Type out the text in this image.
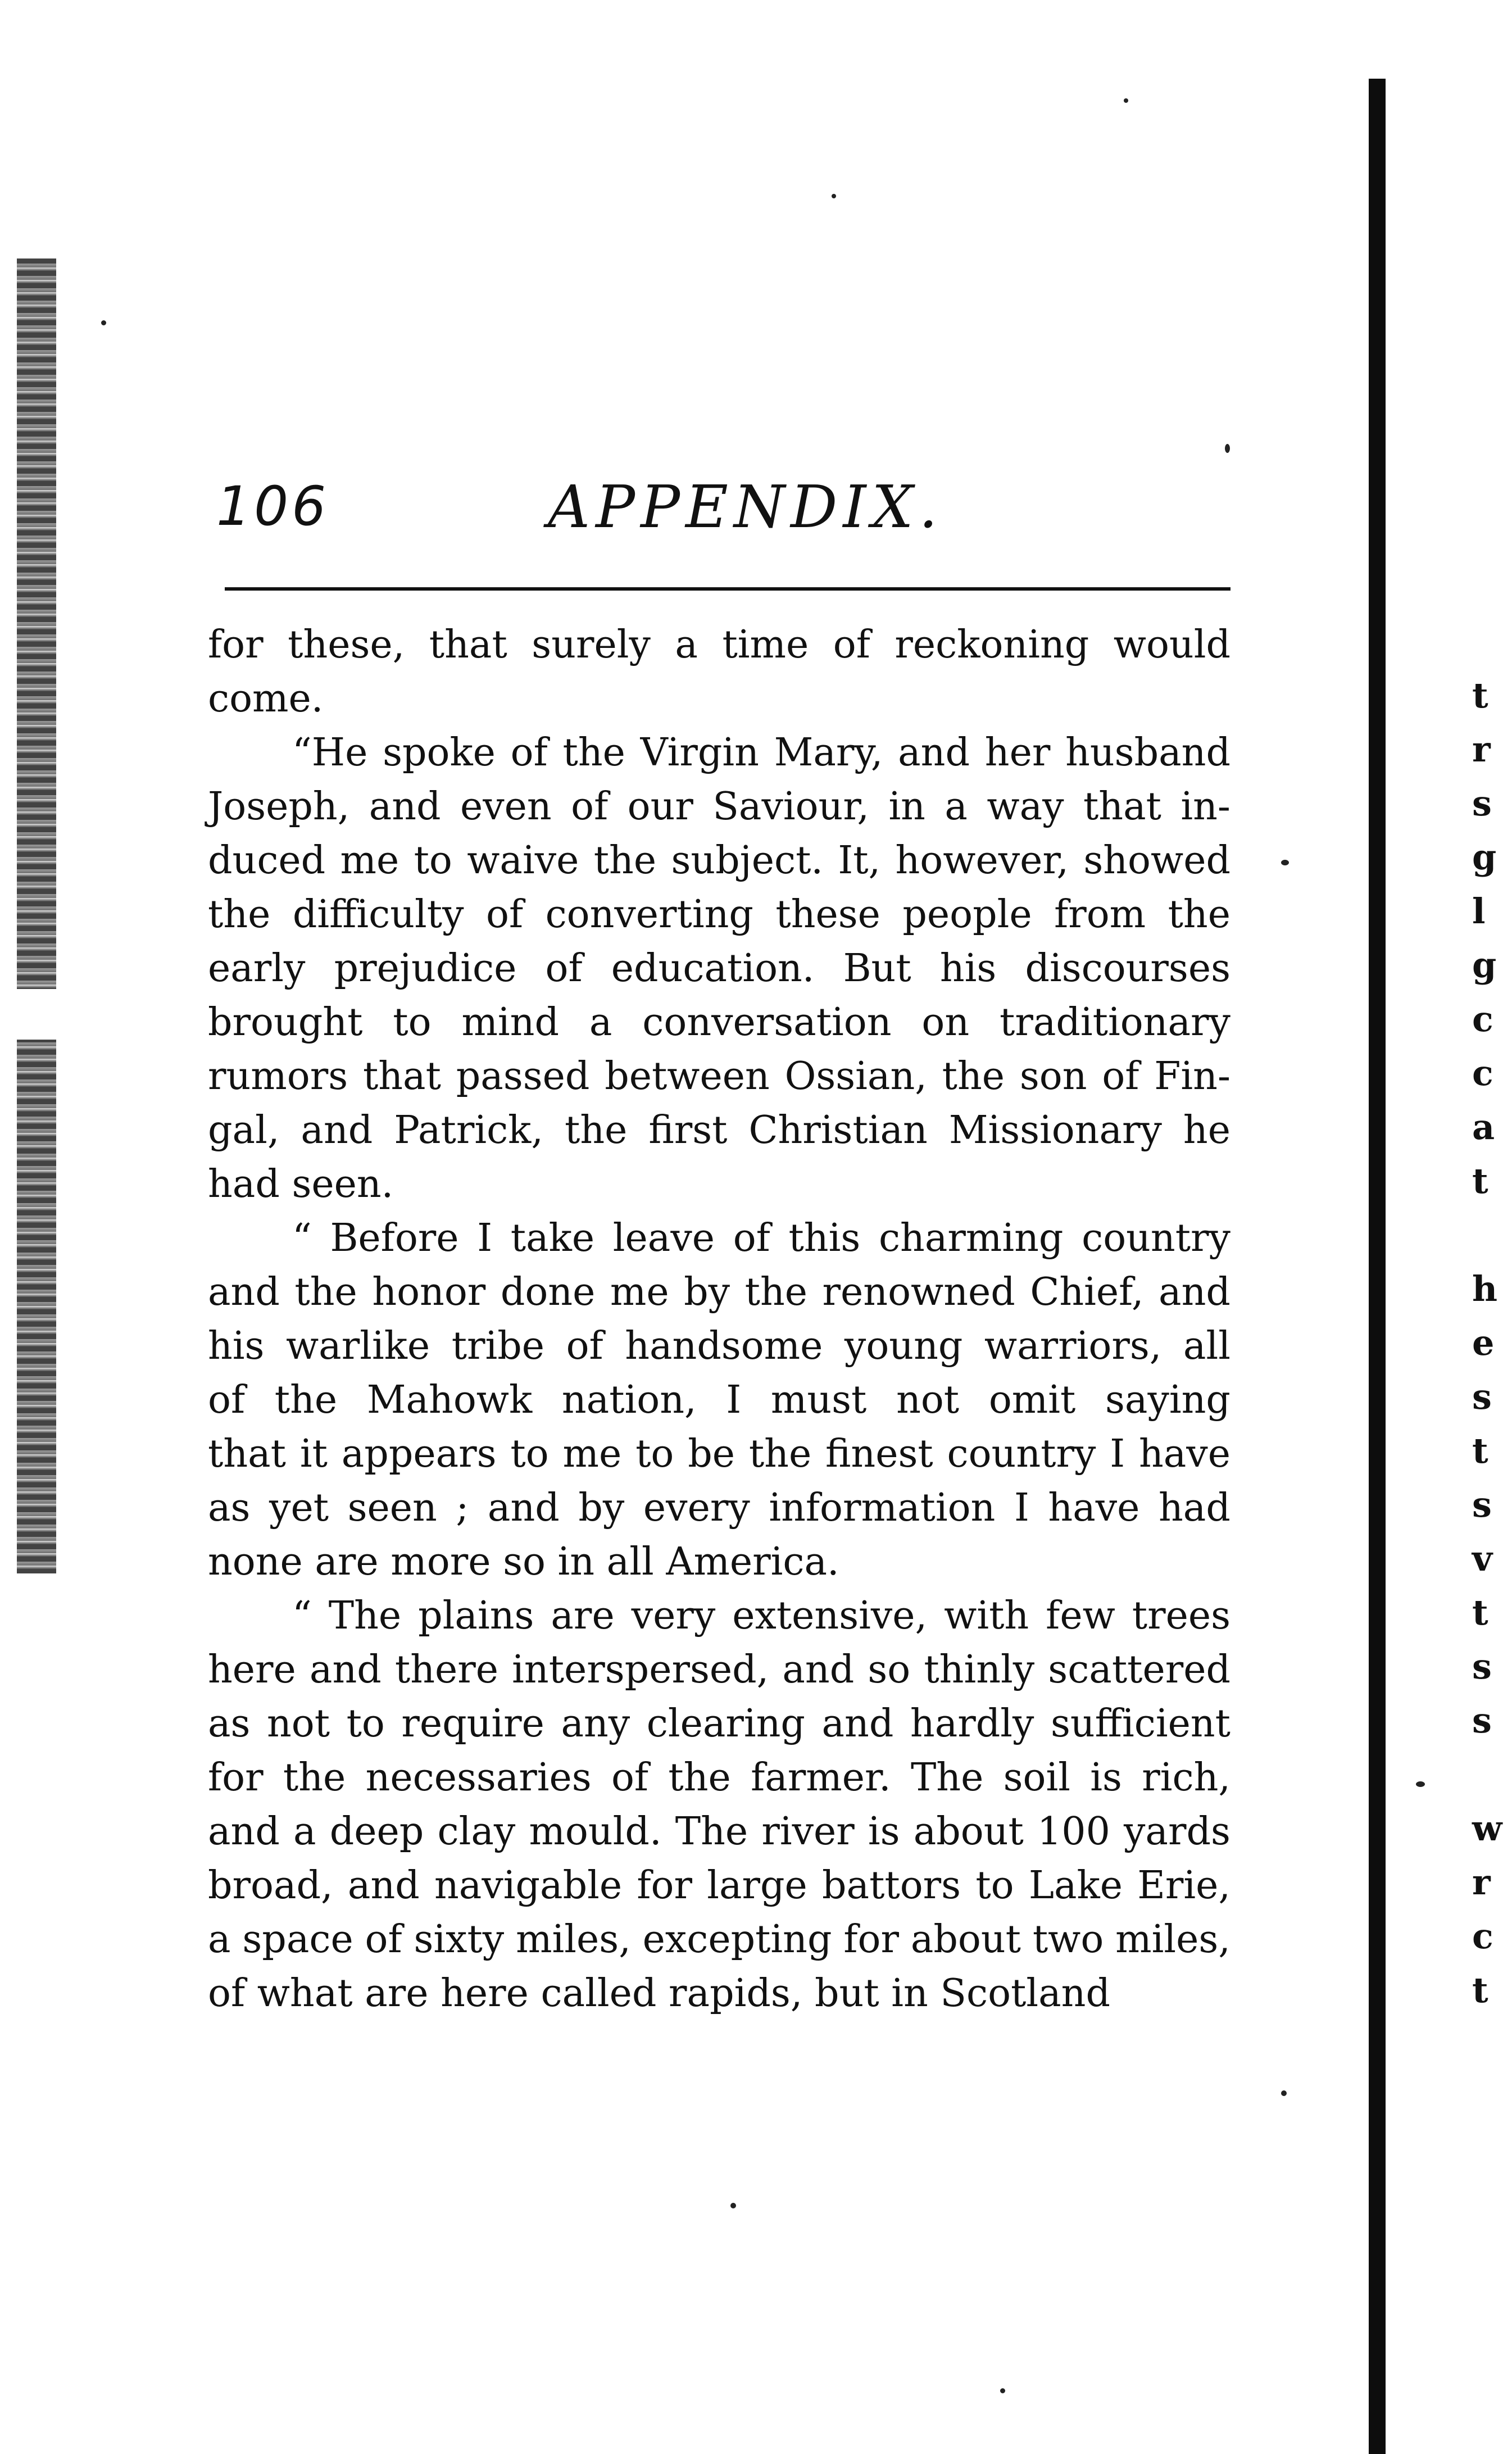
106	APPENDIX.
for these, that surely a time of reckoning would
come.
“He spoke of the Virgin Mary, and her husband
Joseph, and even of our Saviour, in a way that in-
duced me to waive the subject. It, however, showed
the difficulty of converting these people from the
early prejudice of education. But his discourses
brought to mind a conversation on traditionary
rumors that passed between Ossian, the son of Fin-
gal, and Patrick, the first Christian Missionary he
had seen.
“ Before I take leave of this charming country
and the honor done me by the renowned Chief, and
his warlike tribe of handsome young warriors, all
of the Mahowk nation, I must not omit saying
that it appears to me to be the finest country I have
as yet seen ; and by every information I have had
none are more so in all America.
“ The plains are very extensive, with few trees
here and there interspersed, and so thinly scattered
as not to require any clearing and hardly sufficient
for the necessaries of the farmer. The soil is rich,
and a deep clay mould. The river is about 100 yards
broad, and navigable for large battors to Lake Erie,
a space of sixty miles, excepting for about two miles,
of what are here called rapids, but in Scotland
t
r
s
g
l
g
c
c
a
t
h
e
s
t
s
v
t
s
s
w
r
c
t
